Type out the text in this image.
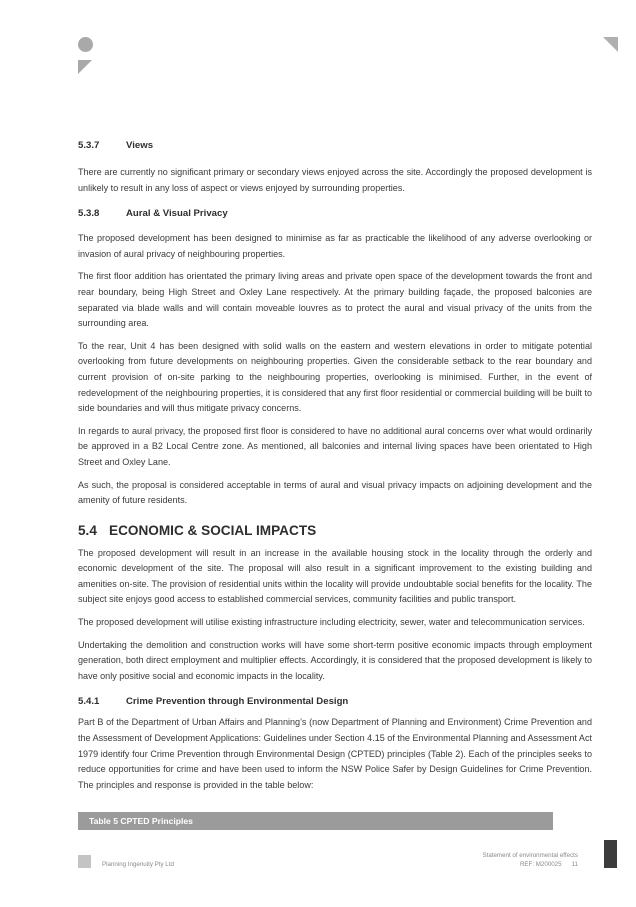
5.3.7	Views

There are currently no significant primary or secondary views enjoyed across the site. Accordingly the proposed development is unlikely to result in any loss of aspect or views enjoyed by surrounding properties.

5.3.8	Aural & Visual Privacy

The proposed development has been designed to minimise as far as practicable the likelihood of any adverse overlooking or invasion of aural privacy of neighbouring properties.

The first floor addition has orientated the primary living areas and private open space of the development towards the front and rear boundary, being High Street and Oxley Lane respectively. At the primary building façade, the proposed balconies are separated via blade walls and will contain moveable louvres as to protect the aural and visual privacy of the units from the surrounding area.

To the rear, Unit 4 has been designed with solid walls on the eastern and western elevations in order to mitigate potential overlooking from future developments on neighbouring properties. Given the considerable setback to the rear boundary and current provision of on-site parking to the neighbouring properties, overlooking is minimised. Further, in the event of redevelopment of the neighbouring properties, it is considered that any first floor residential or commercial building will be built to side boundaries and will thus mitigate privacy concerns.

In regards to aural privacy, the proposed first floor is considered to have no additional aural concerns over what would ordinarily be approved in a B2 Local Centre zone. As mentioned, all balconies and internal living spaces have been orientated to High Street and Oxley Lane.

As such, the proposal is considered acceptable in terms of aural and visual privacy impacts on adjoining development and the amenity of future residents.

5.4 ECONOMIC & SOCIAL IMPACTS

The proposed development will result in an increase in the available housing stock in the locality through the orderly and economic development of the site. The proposal will also result in a significant improvement to the existing building and amenities on-site. The provision of residential units within the locality will provide undoubtable social benefits for the locality. The subject site enjoys good access to established commercial services, community facilities and public transport.

The proposed development will utilise existing infrastructure including electricity, sewer, water and telecommunication services.

Undertaking the demolition and construction works will have some short-term positive economic impacts through employment generation, both direct employment and multiplier effects. Accordingly, it is considered that the proposed development is likely to have only positive social and economic impacts in the locality.

5.4.1	Crime Prevention through Environmental Design

Part B of the Department of Urban Affairs and Planning’s (now Department of Planning and Environment) Crime Prevention and the Assessment of Development Applications: Guidelines under Section 4.15 of the Environmental Planning and Assessment Act 1979 identify four Crime Prevention through Environmental Design (CPTED) principles (Table 2). Each of the principles seeks to reduce opportunities for crime and have been used to inform the NSW Police Safer by Design Guidelines for Crime Prevention. The principles and response is provided in the table below:

Table 5 CPTED Principles
Planning Ingenuity Pty Ltd
Statement of environmental effects
REF: M200025 11
